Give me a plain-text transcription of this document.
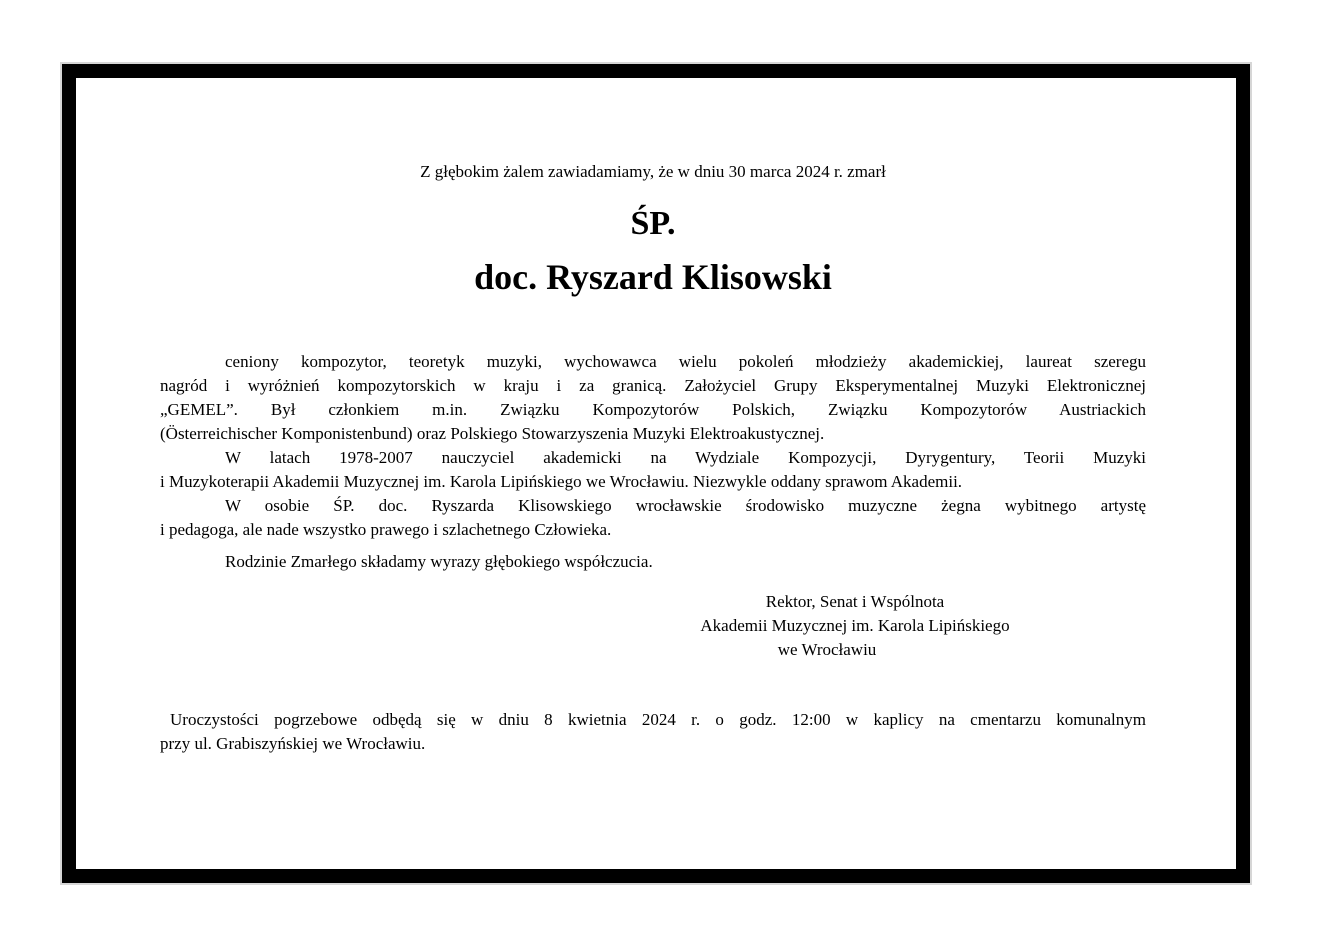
Z głębokim żalem zawiadamiamy, że w dniu 30 marca 2024 r. zmarł

ŚP.
doc. Ryszard Klisowski

ceniony kompozytor, teoretyk muzyki, wychowawca wielu pokoleń młodzieży akademickiej, laureat szeregu

nagród i wyróżnień kompozytorskich w kraju i za granicą. Założyciel Grupy Eksperymentalnej Muzyki Elektronicznej

„GEMEL”. Był członkiem m.in. Związku Kompozytorów Polskich, Związku Kompozytorów Austriackich

(Österreichischer Komponistenbund) oraz Polskiego Stowarzyszenia Muzyki Elektroakustycznej.

W latach 1978-2007 nauczyciel akademicki na Wydziale Kompozycji, Dyrygentury, Teorii Muzyki

i Muzykoterapii Akademii Muzycznej im. Karola Lipińskiego we Wrocławiu. Niezwykle oddany sprawom Akademii.

W osobie ŚP. doc. Ryszarda Klisowskiego wrocławskie środowisko muzyczne żegna wybitnego artystę

i pedagoga, ale nade wszystko prawego i szlachetnego Człowieka.

Rodzinie Zmarłego składamy wyrazy głębokiego współczucia.

Rektor, Senat i Wspólnota

Akademii Muzycznej im. Karola Lipińskiego

we Wrocławiu

Uroczystości pogrzebowe odbędą się w dniu 8 kwietnia 2024 r. o godz. 12:00 w kaplicy na cmentarzu komunalnym

przy ul. Grabiszyńskiej we Wrocławiu.
